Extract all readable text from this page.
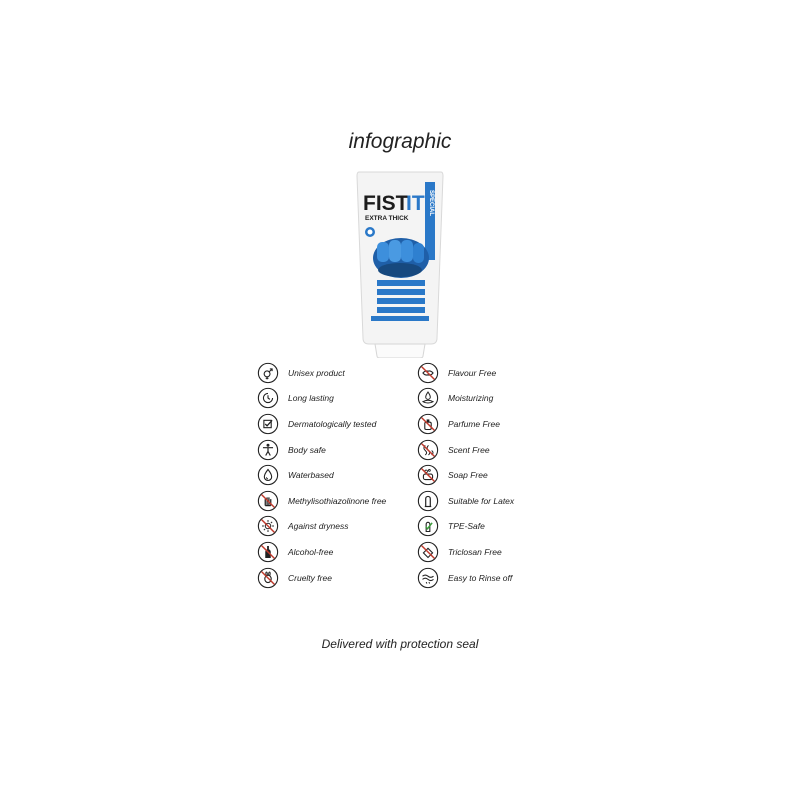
infographic
SPECIAL
FIST
IT
EXTRA THICK
Unisex product
Long lasting
Dermatologically tested
Body safe
Waterbased
Methylisothiazolinone free
Against dryness
Alcohol-free
Cruelty free
Flavour Free
Moisturizing
Parfume Free
Scent Free
Soap Free
Suitable for Latex
TPE-Safe
Triclosan Free
Easy to Rinse off
Delivered with protection seal
